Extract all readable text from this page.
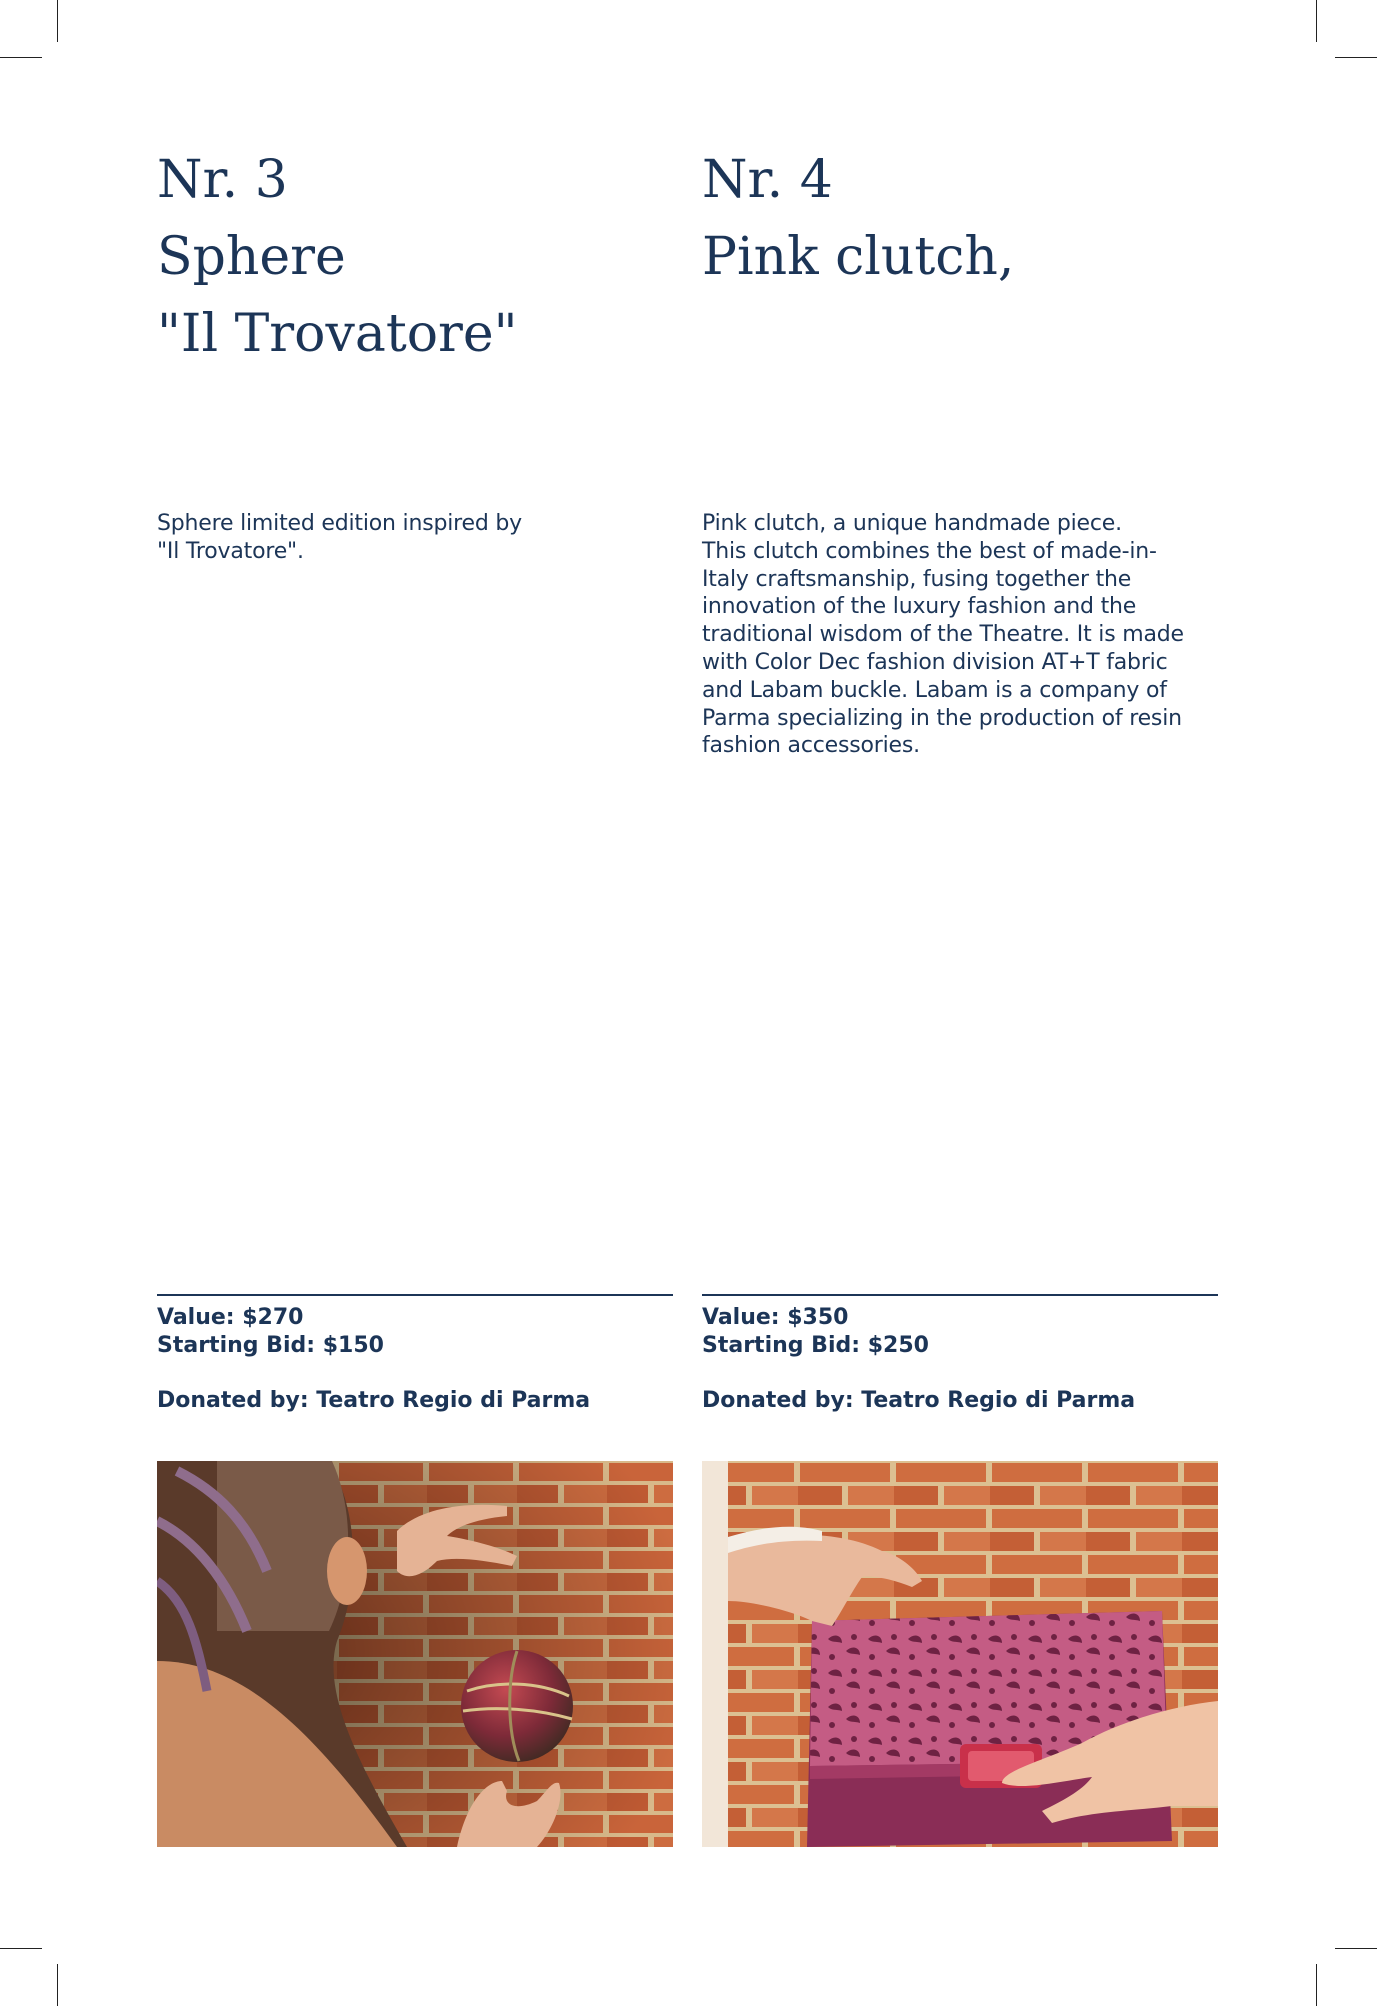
Nr. 3
Sphere
"Il Trovatore"
Sphere limited edition inspired by
"Il Trovatore".
Value: $270
Starting Bid: $150
Donated by: Teatro Regio di Parma
Nr. 4
Pink clutch,
Pink clutch, a unique handmade piece.
This clutch combines the best of made-in-
Italy craftsmanship, fusing together the
innovation of the luxury fashion and the
traditional wisdom of the Theatre. It is made
with Color Dec fashion division AT+T fabric
and Labam buckle. Labam is a company of
Parma specializing in the production of resin
fashion accessories.
Value: $350
Starting Bid: $250
Donated by: Teatro Regio di Parma
